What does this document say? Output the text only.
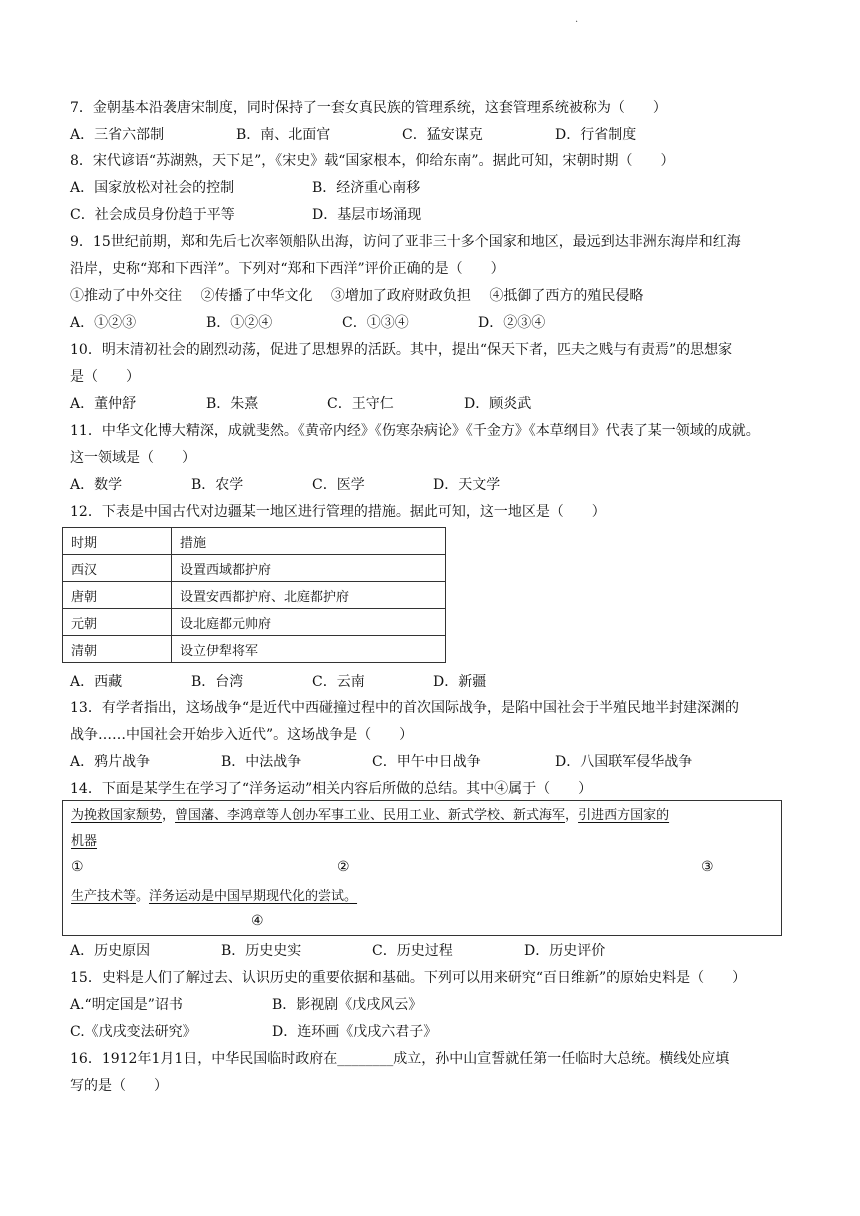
.
7．金朝基本沿袭唐宋制度，同时保持了一套女真民族的管理系统，这套管理系统被称为（　　）
A．三省六部制	B．南、北面官	C．猛安谋克	D．行省制度
8．宋代谚语“苏湖熟，天下足”，《宋史》载“国家根本，仰给东南”。据此可知，宋朝时期（　　）
A．国家放松对社会的控制	B．经济重心南移
C．社会成员身份趋于平等	D．基层市场涌现
9．15世纪前期，郑和先后七次率领船队出海，访问了亚非三十多个国家和地区，最远到达非洲东海岸和红海
沿岸，史称“郑和下西洋”。下列对“郑和下西洋”评价正确的是（　　）
①推动了中外交往　 ②传播了中华文化　 ③增加了政府财政负担　 ④抵御了西方的殖民侵略
A．①②③	B．①②④	C．①③④	D．②③④
10．明末清初社会的剧烈动荡，促进了思想界的活跃。其中，提出“保天下者，匹夫之贱与有责焉”的思想家
是（　　）
A．董仲舒	B．朱熹	C．王守仁	D．顾炎武
11．中华文化博大精深，成就斐然。《黄帝内经》《伤寒杂病论》《千金方》《本草纲目》代表了某一领域的成就。
这一领域是（　　）
A．数学	B．农学	C．医学	D．天文学
12．下表是中国古代对边疆某一地区进行管理的措施。据此可知，这一地区是（　　）
时期	措施
西汉	设置西域都护府
唐朝	设置安西都护府、北庭都护府
元朝	设北庭都元帅府
清朝	设立伊犁将军
A．西藏	B．台湾	C．云南	D．新疆
13．有学者指出，这场战争“是近代中西碰撞过程中的首次国际战争，是陷中国社会于半殖民地半封建深渊的
战争……中国社会开始步入近代”。这场战争是（　　）
A．鸦片战争	B．中法战争	C．甲午中日战争	D．八国联军侵华战争
14．下面是某学生在学习了“洋务运动”相关内容后所做的总结。其中④属于（　　）
为挽救国家颓势，曾国藩、李鸿章等人创办军事工业、民用工业、新式学校、新式海军，引进西方国家的
机器
①	②	③
生产技术等。洋务运动是中国早期现代化的尝试。
④
A．历史原因	B．历史史实	C．历史过程	D．历史评价
15．史料是人们了解过去、认识历史的重要依据和基础。下列可以用来研究“百日维新”的原始史料是（　　）
A.“明定国是”诏书	B．影视剧《戊戌风云》
C.《戊戌变法研究》	D．连环画《戊戌六君子》
16．1912年1月1日，中华民国临时政府在________成立，孙中山宣誓就任第一任临时大总统。横线处应填
写的是（　　）
